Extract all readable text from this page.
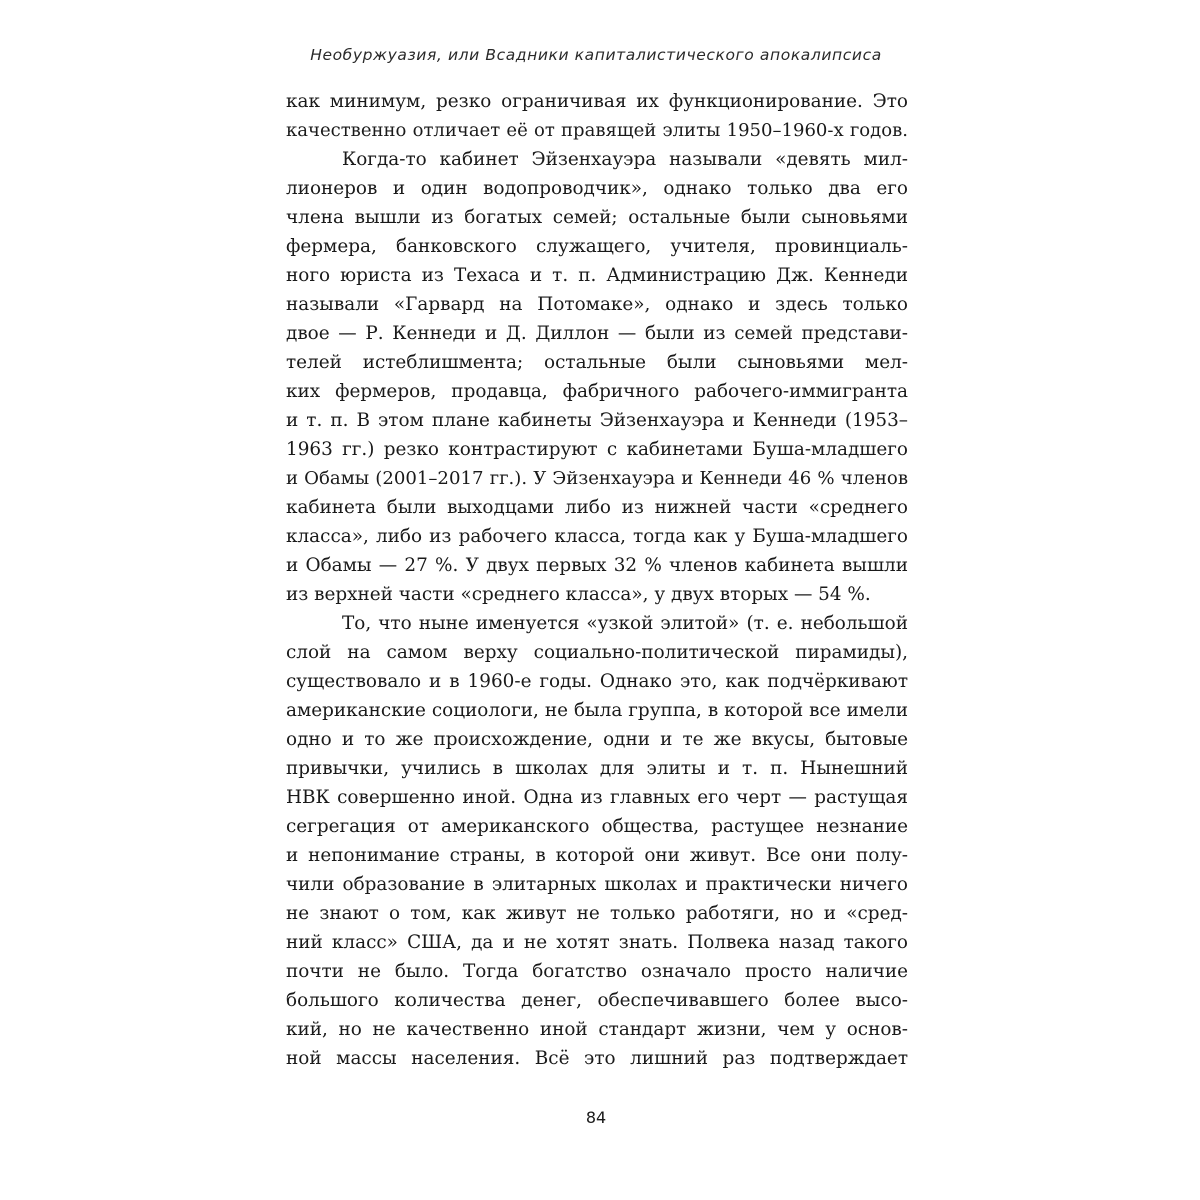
Необуржуазия, или Всадники капиталистического апокалипсиса
как минимум, резко ограничивая их функционирование. Это
качественно отличает её от правящей элиты 1950–1960-х годов.
Когда-то кабинет Эйзенхауэра называли «девять мил-
лионеров и один водопроводчик», однако только два его
члена вышли из богатых семей; остальные были сыновьями
фермера, банковского служащего, учителя, провинциаль-
ного юриста из Техаса и т. п. Администрацию Дж. Кеннеди
называли «Гарвард на Потомаке», однако и здесь только
двое — Р. Кеннеди и Д. Диллон — были из семей представи-
телей истеблишмента; остальные были сыновьями мел-
ких фермеров, продавца, фабричного рабочего-иммигранта
и т. п. В этом плане кабинеты Эйзенхауэра и Кеннеди (1953–
1963 гг.) резко контрастируют с кабинетами Буша-младшего
и Обамы (2001–2017 гг.). У Эйзенхауэра и Кеннеди 46 % членов
кабинета были выходцами либо из нижней части «среднего
класса», либо из рабочего класса, тогда как у Буша-младшего
и Обамы — 27 %. У двух первых 32 % членов кабинета вышли
из верхней части «среднего класса», у двух вторых — 54 %.
То, что ныне именуется «узкой элитой» (т. е. небольшой
слой на самом верху социально-политической пирамиды),
существовало и в 1960-е годы. Однако это, как подчёркивают
американские социологи, не была группа, в которой все имели
одно и то же происхождение, одни и те же вкусы, бытовые
привычки, учились в школах для элиты и т. п. Нынешний
НВК совершенно иной. Одна из главных его черт — растущая
сегрегация от американского общества, растущее незнание
и непонимание страны, в которой они живут. Все они полу-
чили образование в элитарных школах и практически ничего
не знают о том, как живут не только работяги, но и «сред-
ний класс» США, да и не хотят знать. Полвека назад такого
почти не было. Тогда богатство означало просто наличие
большого количества денег, обеспечивавшего более высо-
кий, но не качественно иной стандарт жизни, чем у основ-
ной массы населения. Всё это лишний раз подтверждает
84
